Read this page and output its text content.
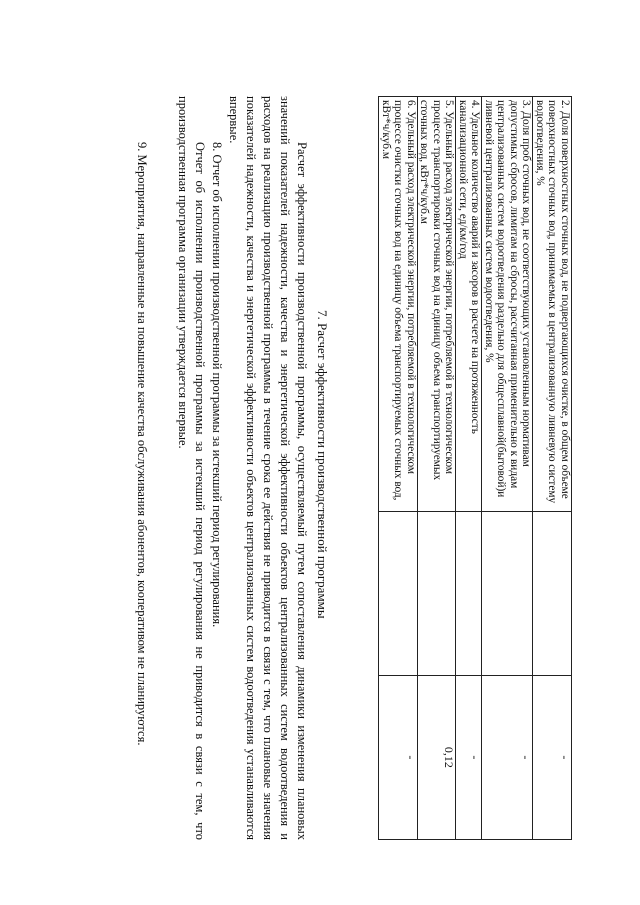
2. Доля поверхностных сточных вод, не подвергающихся очистке, в общем объеме поверхностных сточных вод, принимаемых в централизованную ливневую систему водоотведения, %		-
3. Доля проб сточных вод, не соответствующих установленным нормативам допустимых сбросов, лимитам на сбросы, рассчитанная применительно к видам централизованных систем водоотведения раздельно для общесплавной(бытовой)и ливневой централизованных систем водоотведения, %		-
4. Удельное количество аварий и засоров в расчете на протяженность канализационной сети, ед/км/год		-
5. Удельный расход электрической энергии, потребляемой в технологическом процессе транспортировки сточных вод на единицу объема транспортируемых сточных вод, кВт*ч/куб.м		0,12
6. Удельный расход электрической энергии, потребляемой в технологическом процессе очистки сточных вод на единицу объема транспортируемых сточных вод, кВт*ч/куб.м		-
7. Расчет эффективности производственной программы

Расчет эффективности производственной программы, осуществляемый путем сопоставления динамики изменения плановых значений показателей надежности, качества и энергетической эффективности объектов централизованных систем водоотведения и расходов на реализацию производственной программы в течение срока ее действия не приводится в связи с тем, что плановые значения показателей надежности, качества и энергетической эффективности объектов централизованных систем водоотведения устанавливаются впервые.

8. Отчет об исполнении производственной программы за истекший период регулирования.

Отчет об исполнении производственной программы за истекший период регулирования не приводится в связи с тем, что производственная программа организации утверждается впервые.

9. Мероприятия, направленные на повышение качества обслуживания абонентов, кооперативом не планируются.
